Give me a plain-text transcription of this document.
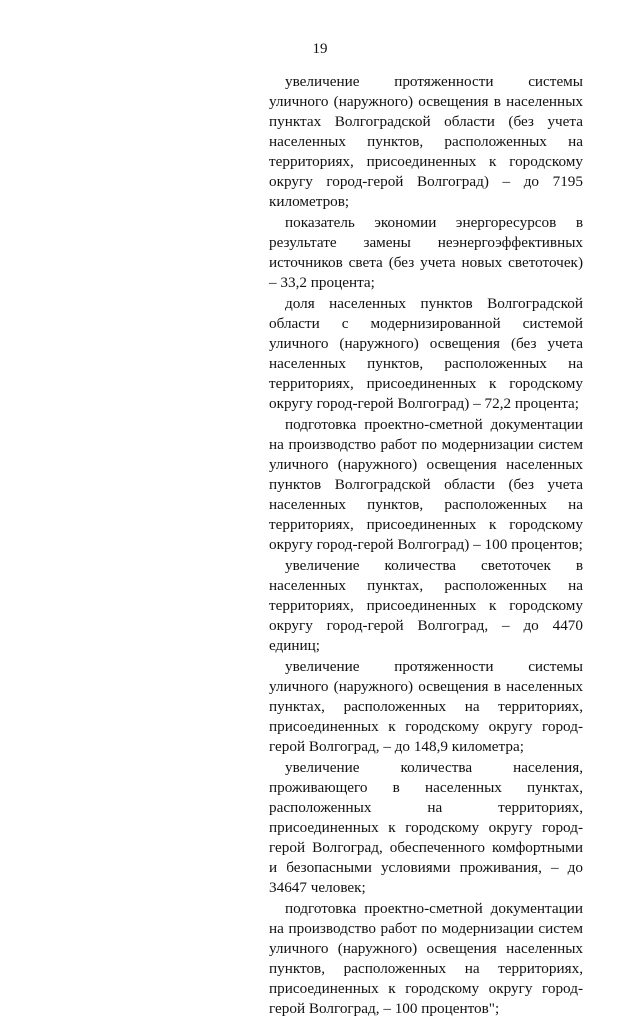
19

увеличение протяженности системы уличного (наружного) освещения в населенных пунктах Волгоградской области (без учета населенных пунктов, расположенных на территориях, присоединенных к городскому округу город-герой Волгоград) – до 7195 километров;

показатель экономии энергоресурсов в результате замены неэнергоэффективных источников света (без учета новых светоточек) – 33,2 процента;

доля населенных пунктов Волгоградской области с модернизированной системой уличного (наружного) освещения (без учета населенных пунктов, расположенных на территориях, присоединенных к городскому округу город-герой Волгоград) – 72,2 процента;

подготовка проектно-сметной документации на производство работ по модернизации систем уличного (наружного) освещения населенных пунктов Волгоградской области (без учета населенных пунктов, расположенных на территориях, присоединенных к городскому округу город-герой Волгоград) – 100 процентов;

увеличение количества светоточек в населенных пунктах, расположенных на территориях, присоединенных к городскому округу город-герой Волгоград, – до 4470 единиц;

увеличение протяженности системы уличного (наружного) освещения в населенных пунктах, расположенных на территориях, присоединенных к городскому округу город-герой Волгоград, – до 148,9 километра;

увеличение количества населения, проживающего в населенных пунктах, расположенных на территориях, присоединенных к городскому округу город-герой Волгоград, обеспеченного комфортными и безопасными условиями проживания, – до 34647 человек;

подготовка проектно-сметной документации на производство работ по модернизации систем уличного (наружного) освещения населенных пунктов, расположенных на территориях, присоединенных к городскому округу город-герой Волгоград, – 100 процентов";
